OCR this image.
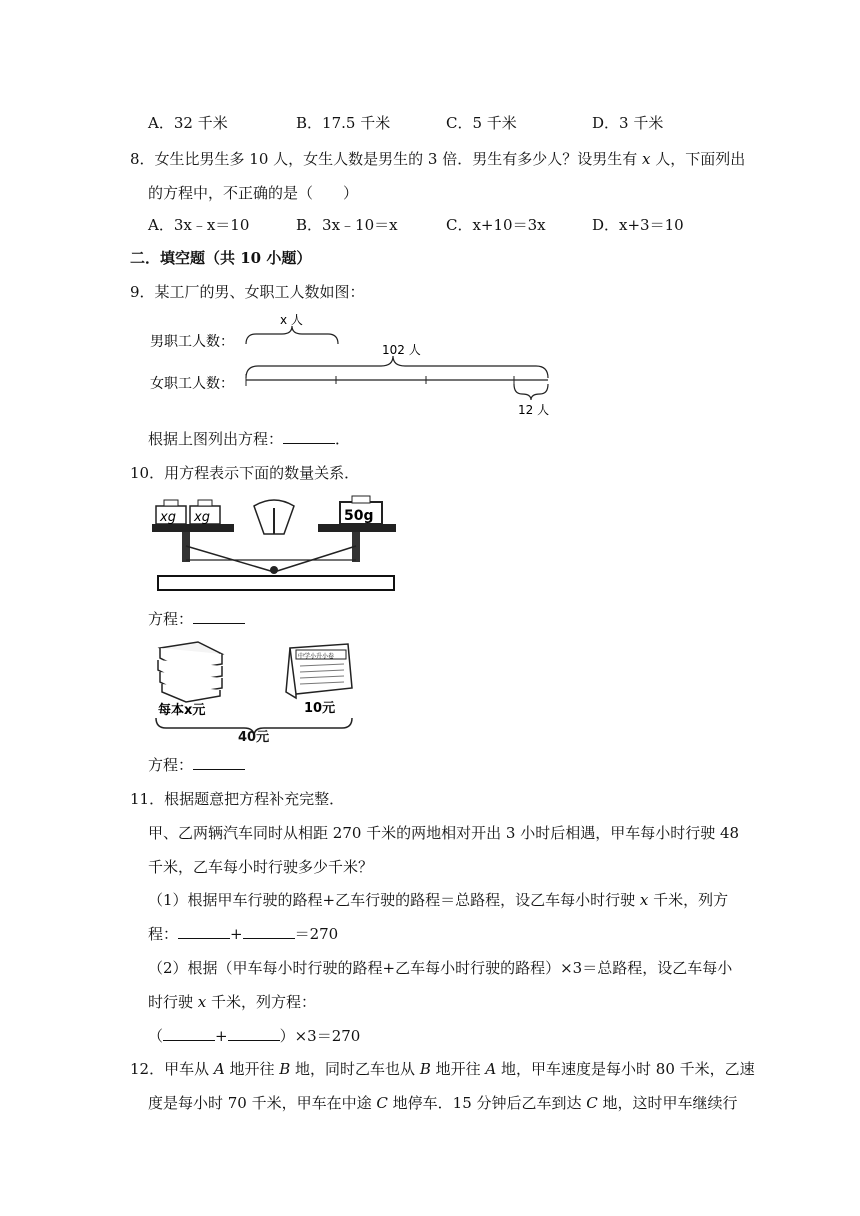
A．32 千米	B．17.5 千米	C．5 千米	D．3 千米
8．女生比男生多 10 人，女生人数是男生的 3 倍．男生有多少人？设男生有 x 人，下面列出
的方程中，不正确的是（　　）
A．3x﹣x＝10	B．3x﹣10＝x	C．x+10＝3x	D．x+3＝10
二．填空题（共 10 小题）
9．某工厂的男、女职工人数如图：
男职工人数：
女职工人数：
x 人
102 人
12 人
根据上图列出方程：	．
10．用方程表示下面的数量关系．
xg xg	50g
方程：
每本x元
中学小升小卷
10元
40元
方程：
11．根据题意把方程补充完整．
甲、乙两辆汽车同时从相距 270 千米的两地相对开出 3 小时后相遇，甲车每小时行驶 48
千米，乙车每小时行驶多少千米？
（1）根据甲车行驶的路程+乙车行驶的路程＝总路程，设乙车每小时行驶 x 千米，列方
程：	+	＝270
（2）根据（甲车每小时行驶的路程+乙车每小时行驶的路程）×3＝总路程，设乙车每小
时行驶 x 千米，列方程：
（	+	）×3＝270
12．甲车从 A 地开往 B 地，同时乙车也从 B 地开往 A 地，甲车速度是每小时 80 千米，乙速
度是每小时 70 千米，甲车在中途 C 地停车．15 分钟后乙车到达 C 地，这时甲车继续行
